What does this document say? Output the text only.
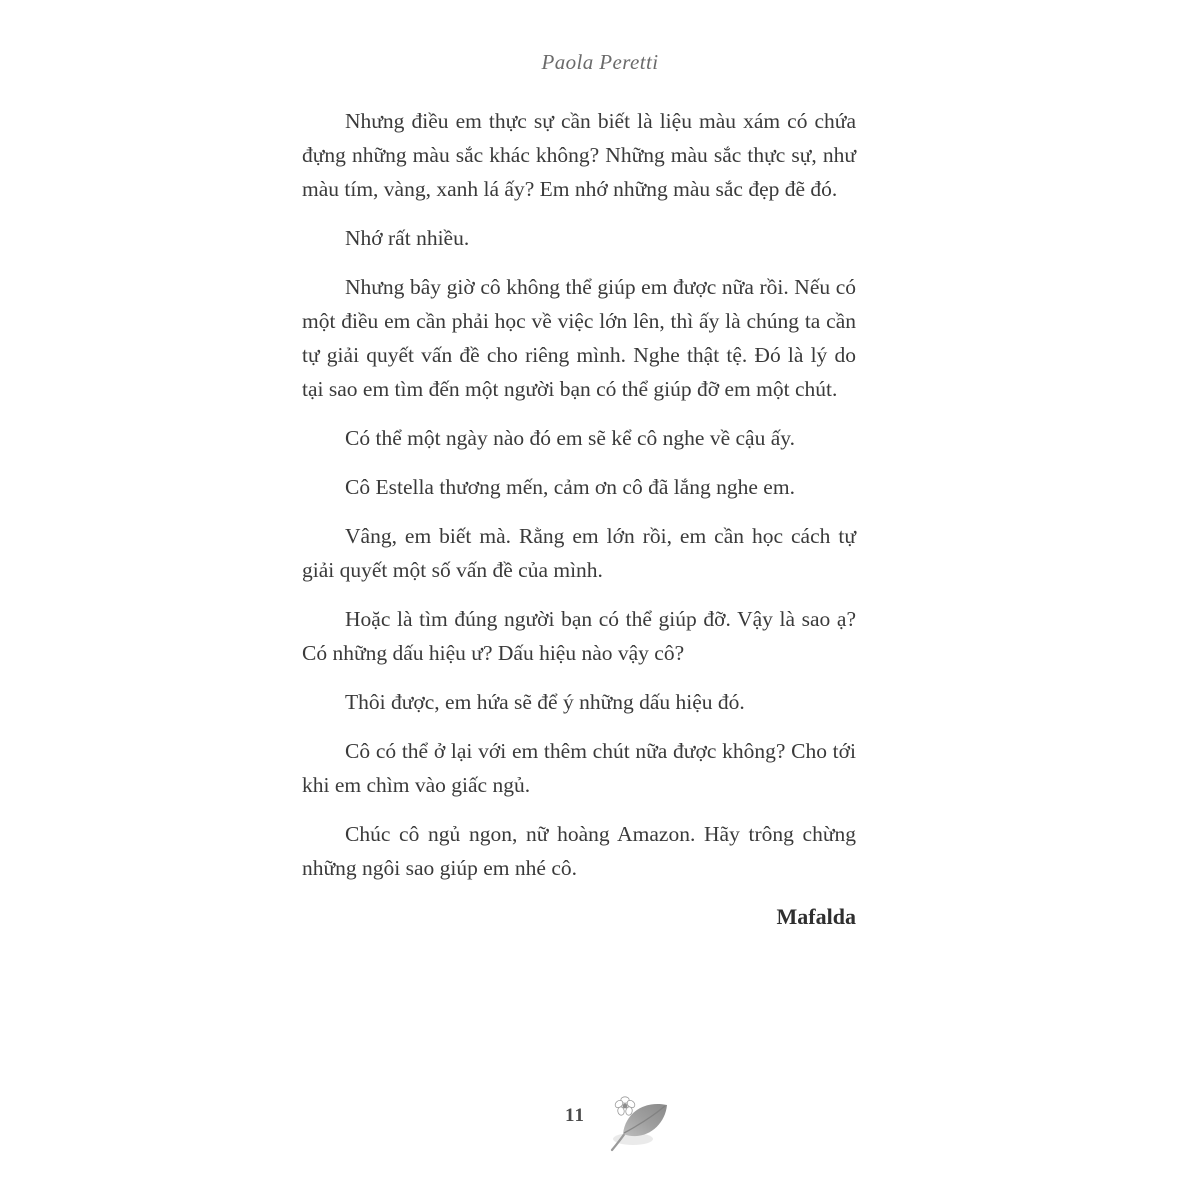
Paola Peretti

Nhưng điều em thực sự cần biết là liệu màu xám có chứa đựng những màu sắc khác không? Những màu sắc thực sự, như màu tím, vàng, xanh lá ấy? Em nhớ những màu sắc đẹp đẽ đó.

Nhớ rất nhiều.

Nhưng bây giờ cô không thể giúp em được nữa rồi. Nếu có một điều em cần phải học về việc lớn lên, thì ấy là chúng ta cần tự giải quyết vấn đề cho riêng mình. Nghe thật tệ. Đó là lý do tại sao em tìm đến một người bạn có thể giúp đỡ em một chút.

Có thể một ngày nào đó em sẽ kể cô nghe về cậu ấy.

Cô Estella thương mến, cảm ơn cô đã lắng nghe em.

Vâng, em biết mà. Rằng em lớn rồi, em cần học cách tự giải quyết một số vấn đề của mình.

Hoặc là tìm đúng người bạn có thể giúp đỡ. Vậy là sao ạ? Có những dấu hiệu ư? Dấu hiệu nào vậy cô?

Thôi được, em hứa sẽ để ý những dấu hiệu đó.

Cô có thể ở lại với em thêm chút nữa được không? Cho tới khi em chìm vào giấc ngủ.

Chúc cô ngủ ngon, nữ hoàng Amazon. Hãy trông chừng những ngôi sao giúp em nhé cô.

Mafalda

11
